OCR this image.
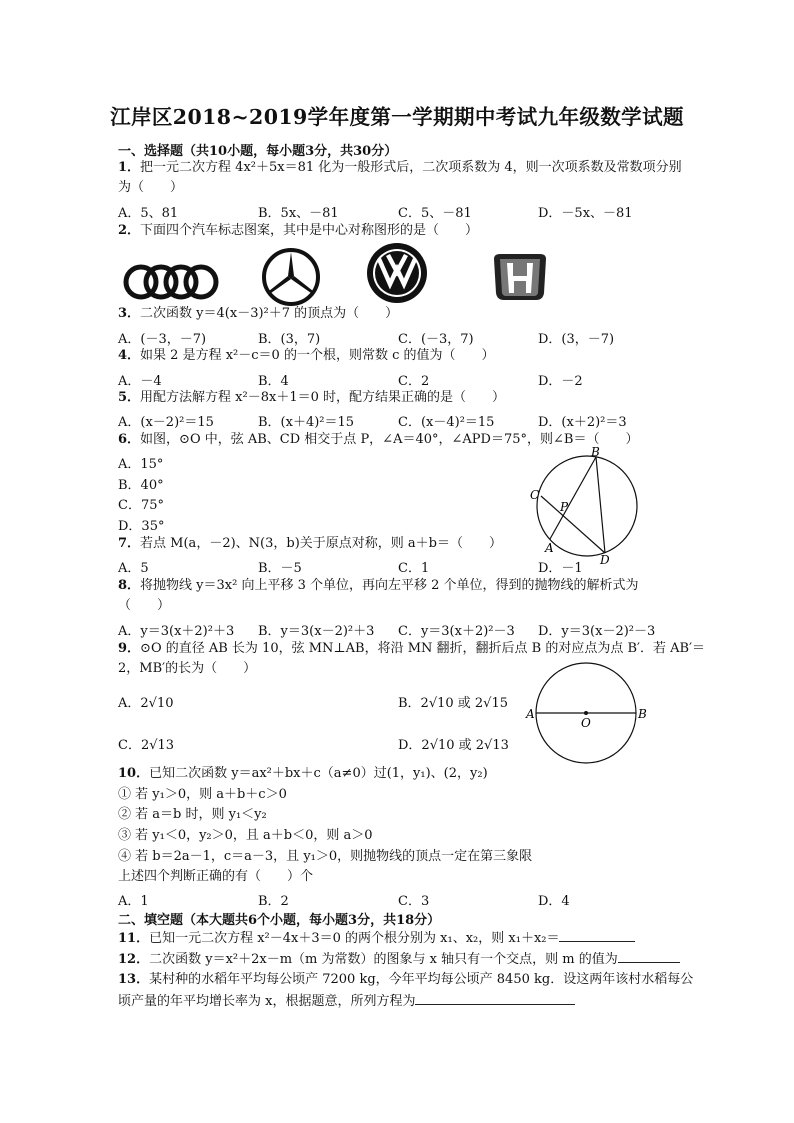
江岸区2018~2019学年度第一学期期中考试九年级数学试题
一、选择题（共10小题，每小题3分，共30分）
1．把一元二次方程 4x²＋5x＝81 化为一般形式后，二次项系数为 4，则一次项系数及常数项分别
为（　　）
A．5、81	B．5x、－81	C．5、－81	D．－5x、－81
2．下面四个汽车标志图案，其中是中心对称图形的是（　　）
3．二次函数 y＝4(x－3)²＋7 的顶点为（　　）
A．(－3，－7)	B．(3，7)	C．(－3，7)	D．(3，－7)
4．如果 2 是方程 x²－c＝0 的一个根，则常数 c 的值为（　　）
A．－4	B．4	C．2	D．－2
5．用配方法解方程 x²－8x＋1＝0 时，配方结果正确的是（　　）
A．(x－2)²＝15	B．(x＋4)²＝15	C．(x－4)²＝15	D．(x＋2)²＝3
6．如图，⊙O 中，弦 AB、CD 相交于点 P，∠A＝40°，∠APD＝75°，则∠B＝（　　）
A．15°
B．40°
C．75°
D．35°
B
C
P
A
D
7．若点 M(a，－2)、N(3，b)关于原点对称，则 a＋b＝（　　）
A．5	B．－5	C．1	D．－1
8．将抛物线 y＝3x² 向上平移 3 个单位，再向左平移 2 个单位，得到的抛物线的解析式为
（　　）
A．y＝3(x＋2)²＋3 B．y＝3(x－2)²＋3 C．y＝3(x＋2)²－3 D．y＝3(x－2)²－3
9．⊙O 的直径 AB 长为 10，弦 MN⊥AB，将沿 MN 翻折，翻折后点 B 的对应点为点 B′．若 AB′＝
2，MB′的长为（　　）
A．2√10	B．2√10 或 2√15
C．2√13	D．2√10 或 2√13
A
O
B
10．已知二次函数 y＝ax²＋bx＋c（a≠0）过(1，y₁)、(2，y₂)
① 若 y₁＞0，则 a＋b＋c＞0
② 若 a＝b 时，则 y₁＜y₂
③ 若 y₁＜0，y₂＞0，且 a＋b＜0，则 a＞0
④ 若 b＝2a－1，c＝a－3，且 y₁＞0，则抛物线的顶点一定在第三象限
上述四个判断正确的有（　　）个
A．1	B．2	C．3	D．4
二、填空题（本大题共6个小题，每小题3分，共18分）
11．已知一元二次方程 x²－4x＋3＝0 的两个根分别为 x₁、x₂，则 x₁＋x₂＝
12．二次函数 y＝x²＋2x－m（m 为常数）的图象与 x 轴只有一个交点，则 m 的值为
13．某村种的水稻年平均每公顷产 7200 kg，今年平均每公顷产 8450 kg．设这两年该村水稻每公
顷产量的年平均增长率为 x，根据题意，所列方程为
